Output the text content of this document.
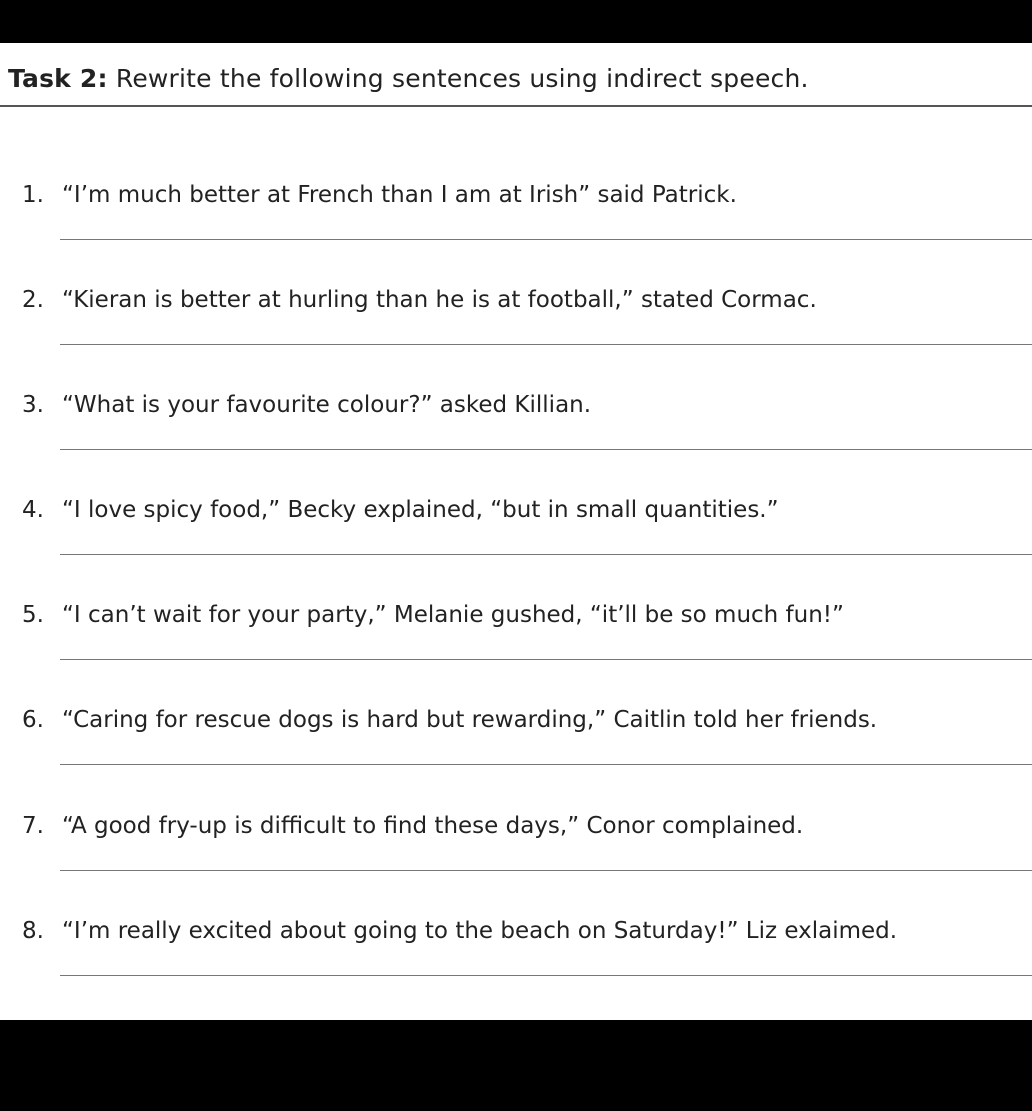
Task 2: Rewrite the following sentences using indirect speech.
1. “I’m much better at French than I am at Irish” said Patrick.
2. “Kieran is better at hurling than he is at football,” stated Cormac.
3. “What is your favourite colour?” asked Killian.
4. “I love spicy food,” Becky explained, “but in small quantities.”
5. “I can’t wait for your party,” Melanie gushed, “it’ll be so much fun!”
6. “Caring for rescue dogs is hard but rewarding,” Caitlin told her friends.
7. “A good fry-up is difficult to find these days,” Conor complained.
8. “I’m really excited about going to the beach on Saturday!” Liz exlaimed.
